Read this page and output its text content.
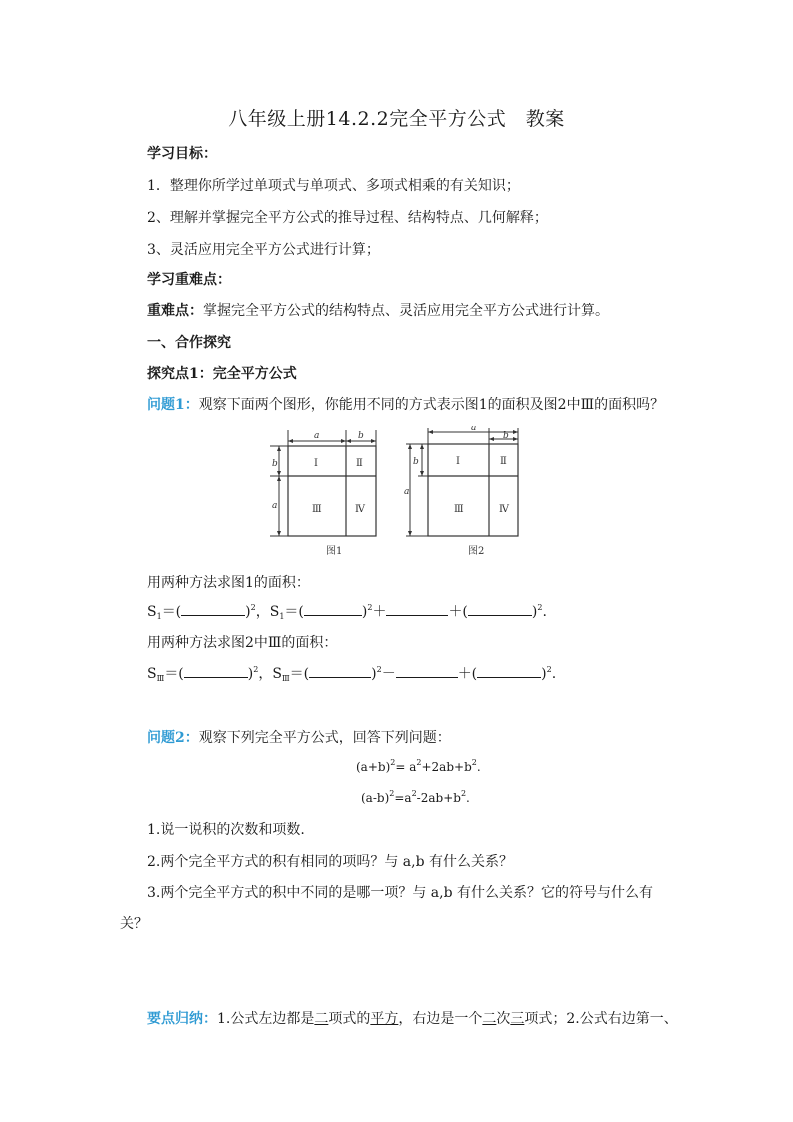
八年级上册14.2.2完全平方公式　教案
学习目标：
1．整理你所学过单项式与单项式、多项式相乘的有关知识；
2、理解并掌握完全平方公式的推导过程、结构特点、几何解释；
3、灵活应用完全平方公式进行计算；
学习重难点：
重难点：掌握完全平方公式的结构特点、灵活应用完全平方公式进行计算。
一、合作探究
探究点1：完全平方公式
问题1：观察下面两个图形，你能用不同的方式表示图1的面积及图2中Ⅲ的面积吗？
a	b
b
a
Ⅰ	Ⅱ
Ⅲ	Ⅳ
图1
a
b
b
a
Ⅰ	Ⅱ
Ⅲ	Ⅳ
图2
用两种方法求图1的面积：
$S_1=$(	)$^2$，$S_1=$(	)$^2$＋	＋(	)$^2$.
用两种方法求图2中Ⅲ的面积：
$S_Ⅲ=$(	)$^2$，$S_Ⅲ=$(	)$^2$－	＋(	)$^2$.
问题2：观察下列完全平方公式，回答下列问题：
$(a+b)^2= a^2+2ab+b^2$.
$(a-b)^2=a^2-2ab+b^2$.
1.说一说积的次数和项数.
2.两个完全平方式的积有相同的项吗？与 a,b 有什么关系？
3.两个完全平方式的积中不同的是哪一项？与 a,b 有什么关系？它的符号与什么有
关？
要点归纳：1.公式左边都是二项式的平方，右边是一个二次三项式；2.公式右边第一、
